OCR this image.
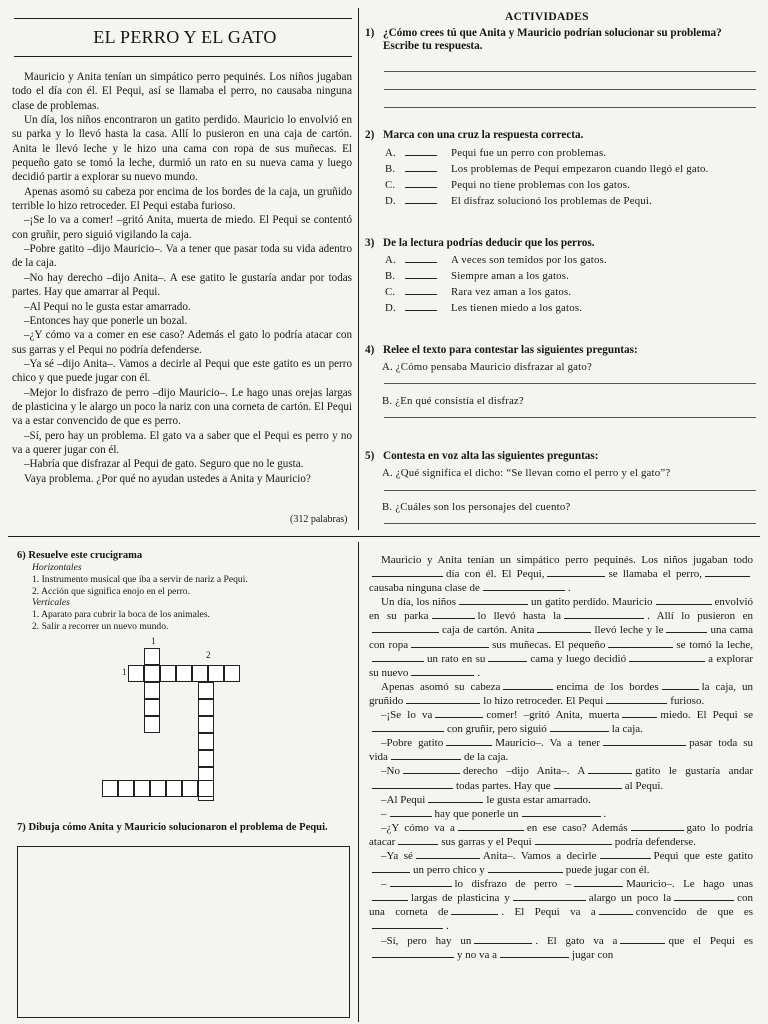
EL PERRO Y EL GATO

Mauricio y Anita tenían un simpático perro pequinés. Los niños jugaban todo el día con él. El Pequi, así se llamaba el perro, no causaba ninguna clase de problemas.

Un día, los niños encontraron un gatito perdido. Mauricio lo envolvió en su parka y lo llevó hasta la casa. Allí lo pusieron en una caja de cartón. Anita le llevó leche y le hizo una cama con ropa de sus muñecas. El pequeño gato se tomó la leche, durmió un rato en su nueva cama y luego decidió partir a explorar su nuevo mundo.

Apenas asomó su cabeza por encima de los bordes de la caja, un gruñido terrible lo hizo retroceder. El Pequi estaba furioso.

–¡Se lo va a comer! –gritó Anita, muerta de miedo. El Pequi se contentó con gruñir, pero siguió vigilando la caja.

–Pobre gatito –dijo Mauricio–. Va a tener que pasar toda su vida adentro de la caja.

–No hay derecho –dijo Anita–. A ese gatito le gustaría andar por todas partes. Hay que amarrar al Pequi.

–Al Pequi no le gusta estar amarrado.

–Entonces hay que ponerle un bozal.

–¿Y cómo va a comer en ese caso? Además el gato lo podría atacar con sus garras y el Pequi no podría defenderse.

–Ya sé –dijo Anita–. Vamos a decirle al Pequi que este gatito es un perro chico y que puede jugar con él.

–Mejor lo disfrazo de perro –dijo Mauricio–. Le hago unas orejas largas de plasticina y le alargo un poco la nariz con una corneta de cartón. El Pequi va a estar convencido de que es perro.

–Sí, pero hay un problema. El gato va a saber que el Pequi es perro y no va a querer jugar con él.

–Habría que disfrazar al Pequi de gato. Seguro que no le gusta.

Vaya problema. ¿Por qué no ayudan ustedes a Anita y Mauricio?

(312 palabras)
ACTIVIDADES
1) ¿Cómo crees tú que Anita y Mauricio podrían solucionar su problema? Escribe tu respuesta.
2) Marca con una cruz la respuesta correcta.
A.	Pequi fue un perro con problemas.
B.	Los problemas de Pequi empezaron cuando llegó el gato.
C.	Pequi no tiene problemas con los gatos.
D.	El disfraz solucionó los problemas de Pequi.
3) De la lectura podrías deducir que los perros.
A.	A veces son temidos por los gatos.
B.	Siempre aman a los gatos.
C.	Rara vez aman a los gatos.
D.	Les tienen miedo a los gatos.
4) Relee el texto para contestar las siguientes preguntas:
A. ¿Cómo pensaba Mauricio disfrazar al gato?
B. ¿En qué consistía el disfraz?
5) Contesta en voz alta las siguientes preguntas:
A. ¿Qué significa el dicho: “Se llevan como el perro y el gato”?
B. ¿Cuáles son los personajes del cuento?
6) Resuelve este crucigrama
Horizontales
1. Instrumento musical que iba a servir de nariz a Pequi.
2. Acción que significa enojo en el perro.
Verticales
1. Aparato para cubrir la boca de los animales.
2. Salir a recorrer un nuevo mundo.
1
2
1
7) Dibuja cómo Anita y Mauricio solucionaron el problema de Pequi.

Mauricio y Anita tenían un simpático perro pequinés. Los niños jugaban tododía con él. El Pequi,	se llamaba el perro,causaba ninguna clase de	.

Un día, los niños	un gatito perdido. Mauricio	envolvió en su parka	lo llevó hasta la	. Allí lo pusieron encaja de cartón. Anita	llevó leche y le	una cama con ropa	sus muñecas. El pequeño	se tomó la leche,un rato en su	cama y luego decidió	a explorar su nuevo	.

Apenas asomó su cabeza	encima de los bordes	la caja, un gruñido	lo hizo retroceder. El Pequi	furioso.

–¡Se lo va	comer! –gritó Anita, muerta	miedo. El Pequi secon gruñir, pero siguió	la caja.

–Pobre gatito	Mauricio–. Va a tener	pasar toda su vida	de la caja.

–No	derecho –dijo Anita–. A	gatito le gustaría andartodas partes. Hay que	al Pequi.

–Al Pequi	le gusta estar amarrado.

–	hay que ponerle un	.

–¿Y cómo va a	en ese caso? Además	gato lo podría atacar	sus garras y el Pequi	podría defenderse.

–Ya sé	Anita–. Vamos a decirle	Pequi que este gatitoun perro chico y	puede jugar con él.

–	lo disfrazo de perro –	Mauricio–. Le hago unaslargas de plasticina y	alargo un poco la	con una corneta de	. El Pequi va a	convencido de que es.

–Sí, pero hay un	. El gato va a	que el Pequi esy no va a	jugar con
